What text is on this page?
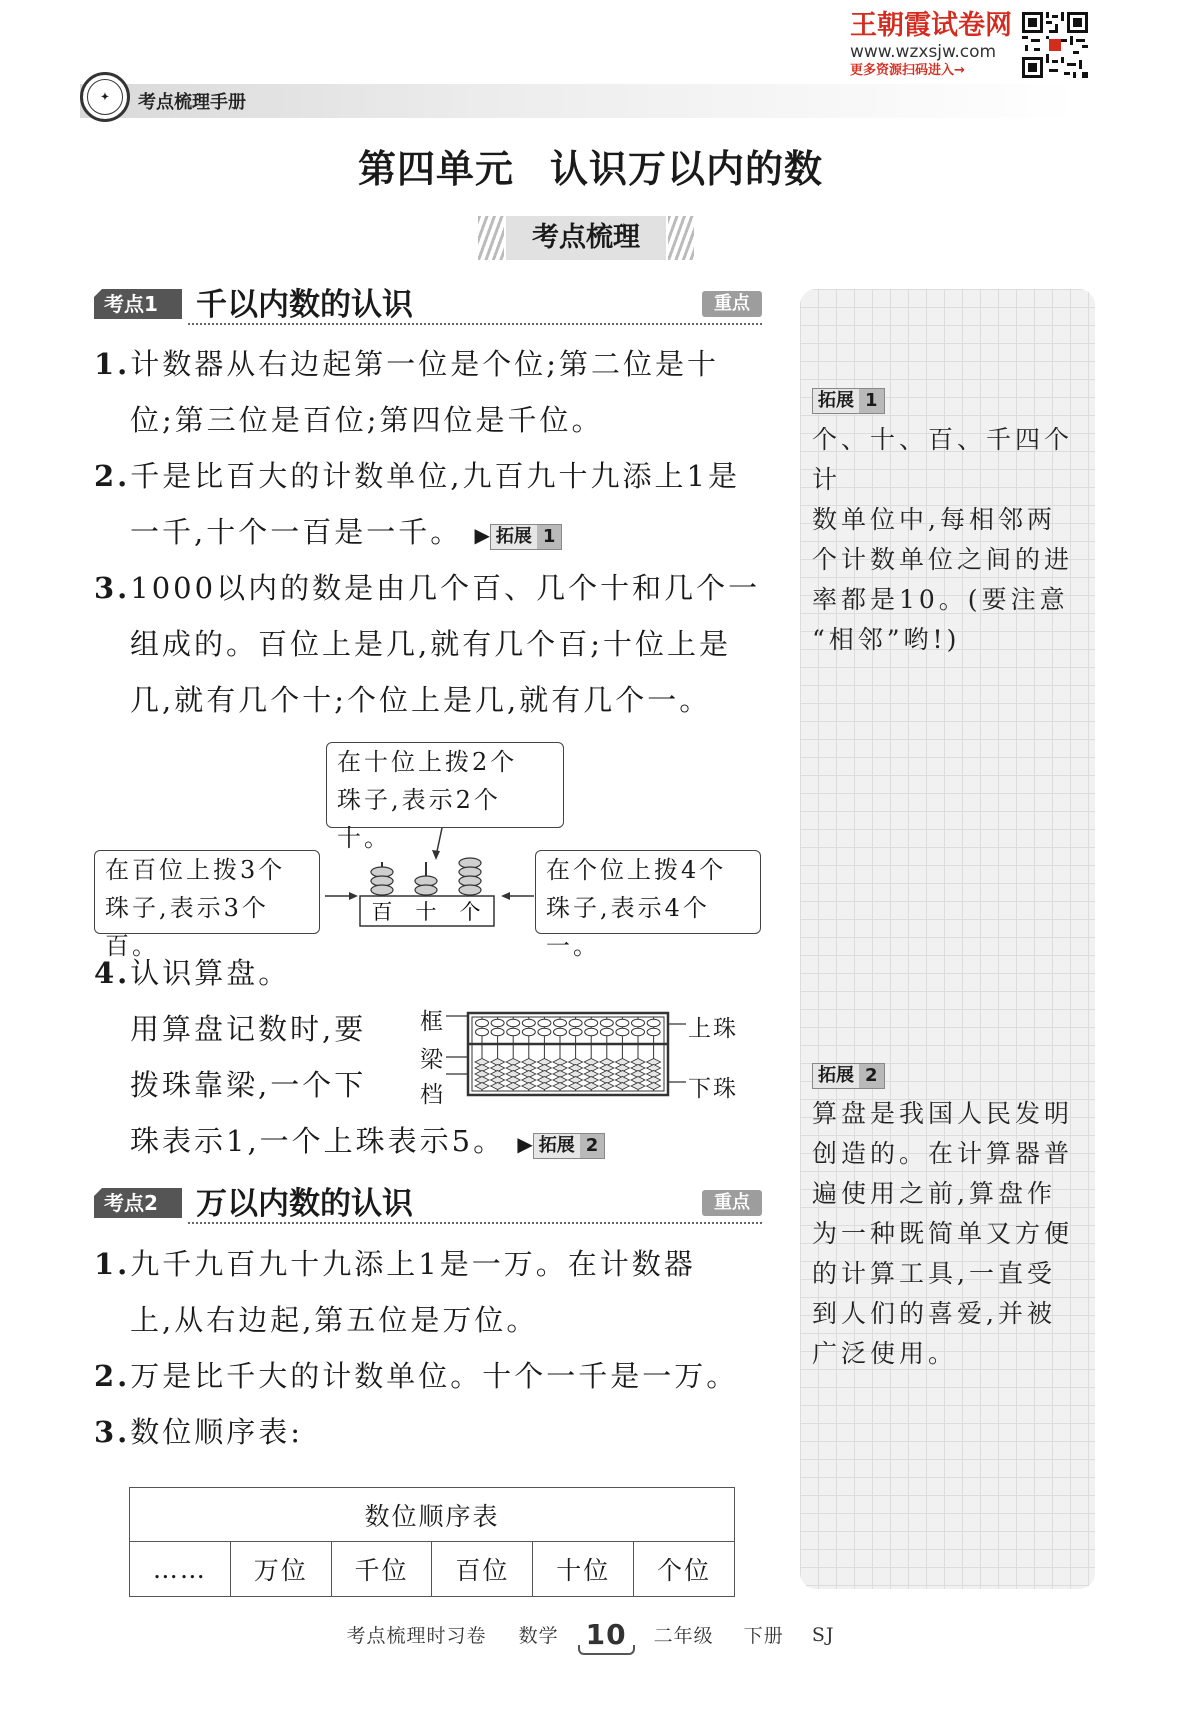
✦	考点梳理手册
王朝霞试卷网
www.wzxsjw.com
更多资源扫码进入→
第四单元 认识万以内的数
考点梳理
考点1	千以内数的认识	重点
1.计数器从右边起第一位是个位;第二位是十
位;第三位是百位;第四位是千位。
2.千是比百大的计数单位,九百九十九添上1是
一千,十个一百是一千。 ▶ 拓展 1
3.1000以内的数是由几个百、几个十和几个一
组成的。百位上是几,就有几个百;十位上是
几,就有几个十;个位上是几,就有几个一。
在十位上拨2个
珠子,表示2个十。
在百位上拨3个
珠子,表示3个百。
在个位上拨4个
珠子,表示4个一。
百 十 个
4.认识算盘。
用算盘记数时,要
拨珠靠梁,一个下
珠表示1,一个上珠表示5。 ▶ 拓展 2
框
梁
档
上珠
下珠
考点2	万以内数的认识	重点
1.九千九百九十九添上1是一万。在计数器
上,从右边起,第五位是万位。
2.万是比千大的计数单位。十个一千是一万。
3.数位顺序表:
数位顺序表
……	万位	千位	百位	十位	个位
拓展 1
个、十、百、千四个计
数单位中,每相邻两
个计数单位之间的进
率都是10。(要注意
“相邻”哟!)
拓展 2
算盘是我国人民发明
创造的。在计算器普
遍使用之前,算盘作
为一种既简单又方便
的计算工具,一直受
到人们的喜爱,并被
广泛使用。
考点梳理时习卷 数学 10 二年级 下册 SJ
